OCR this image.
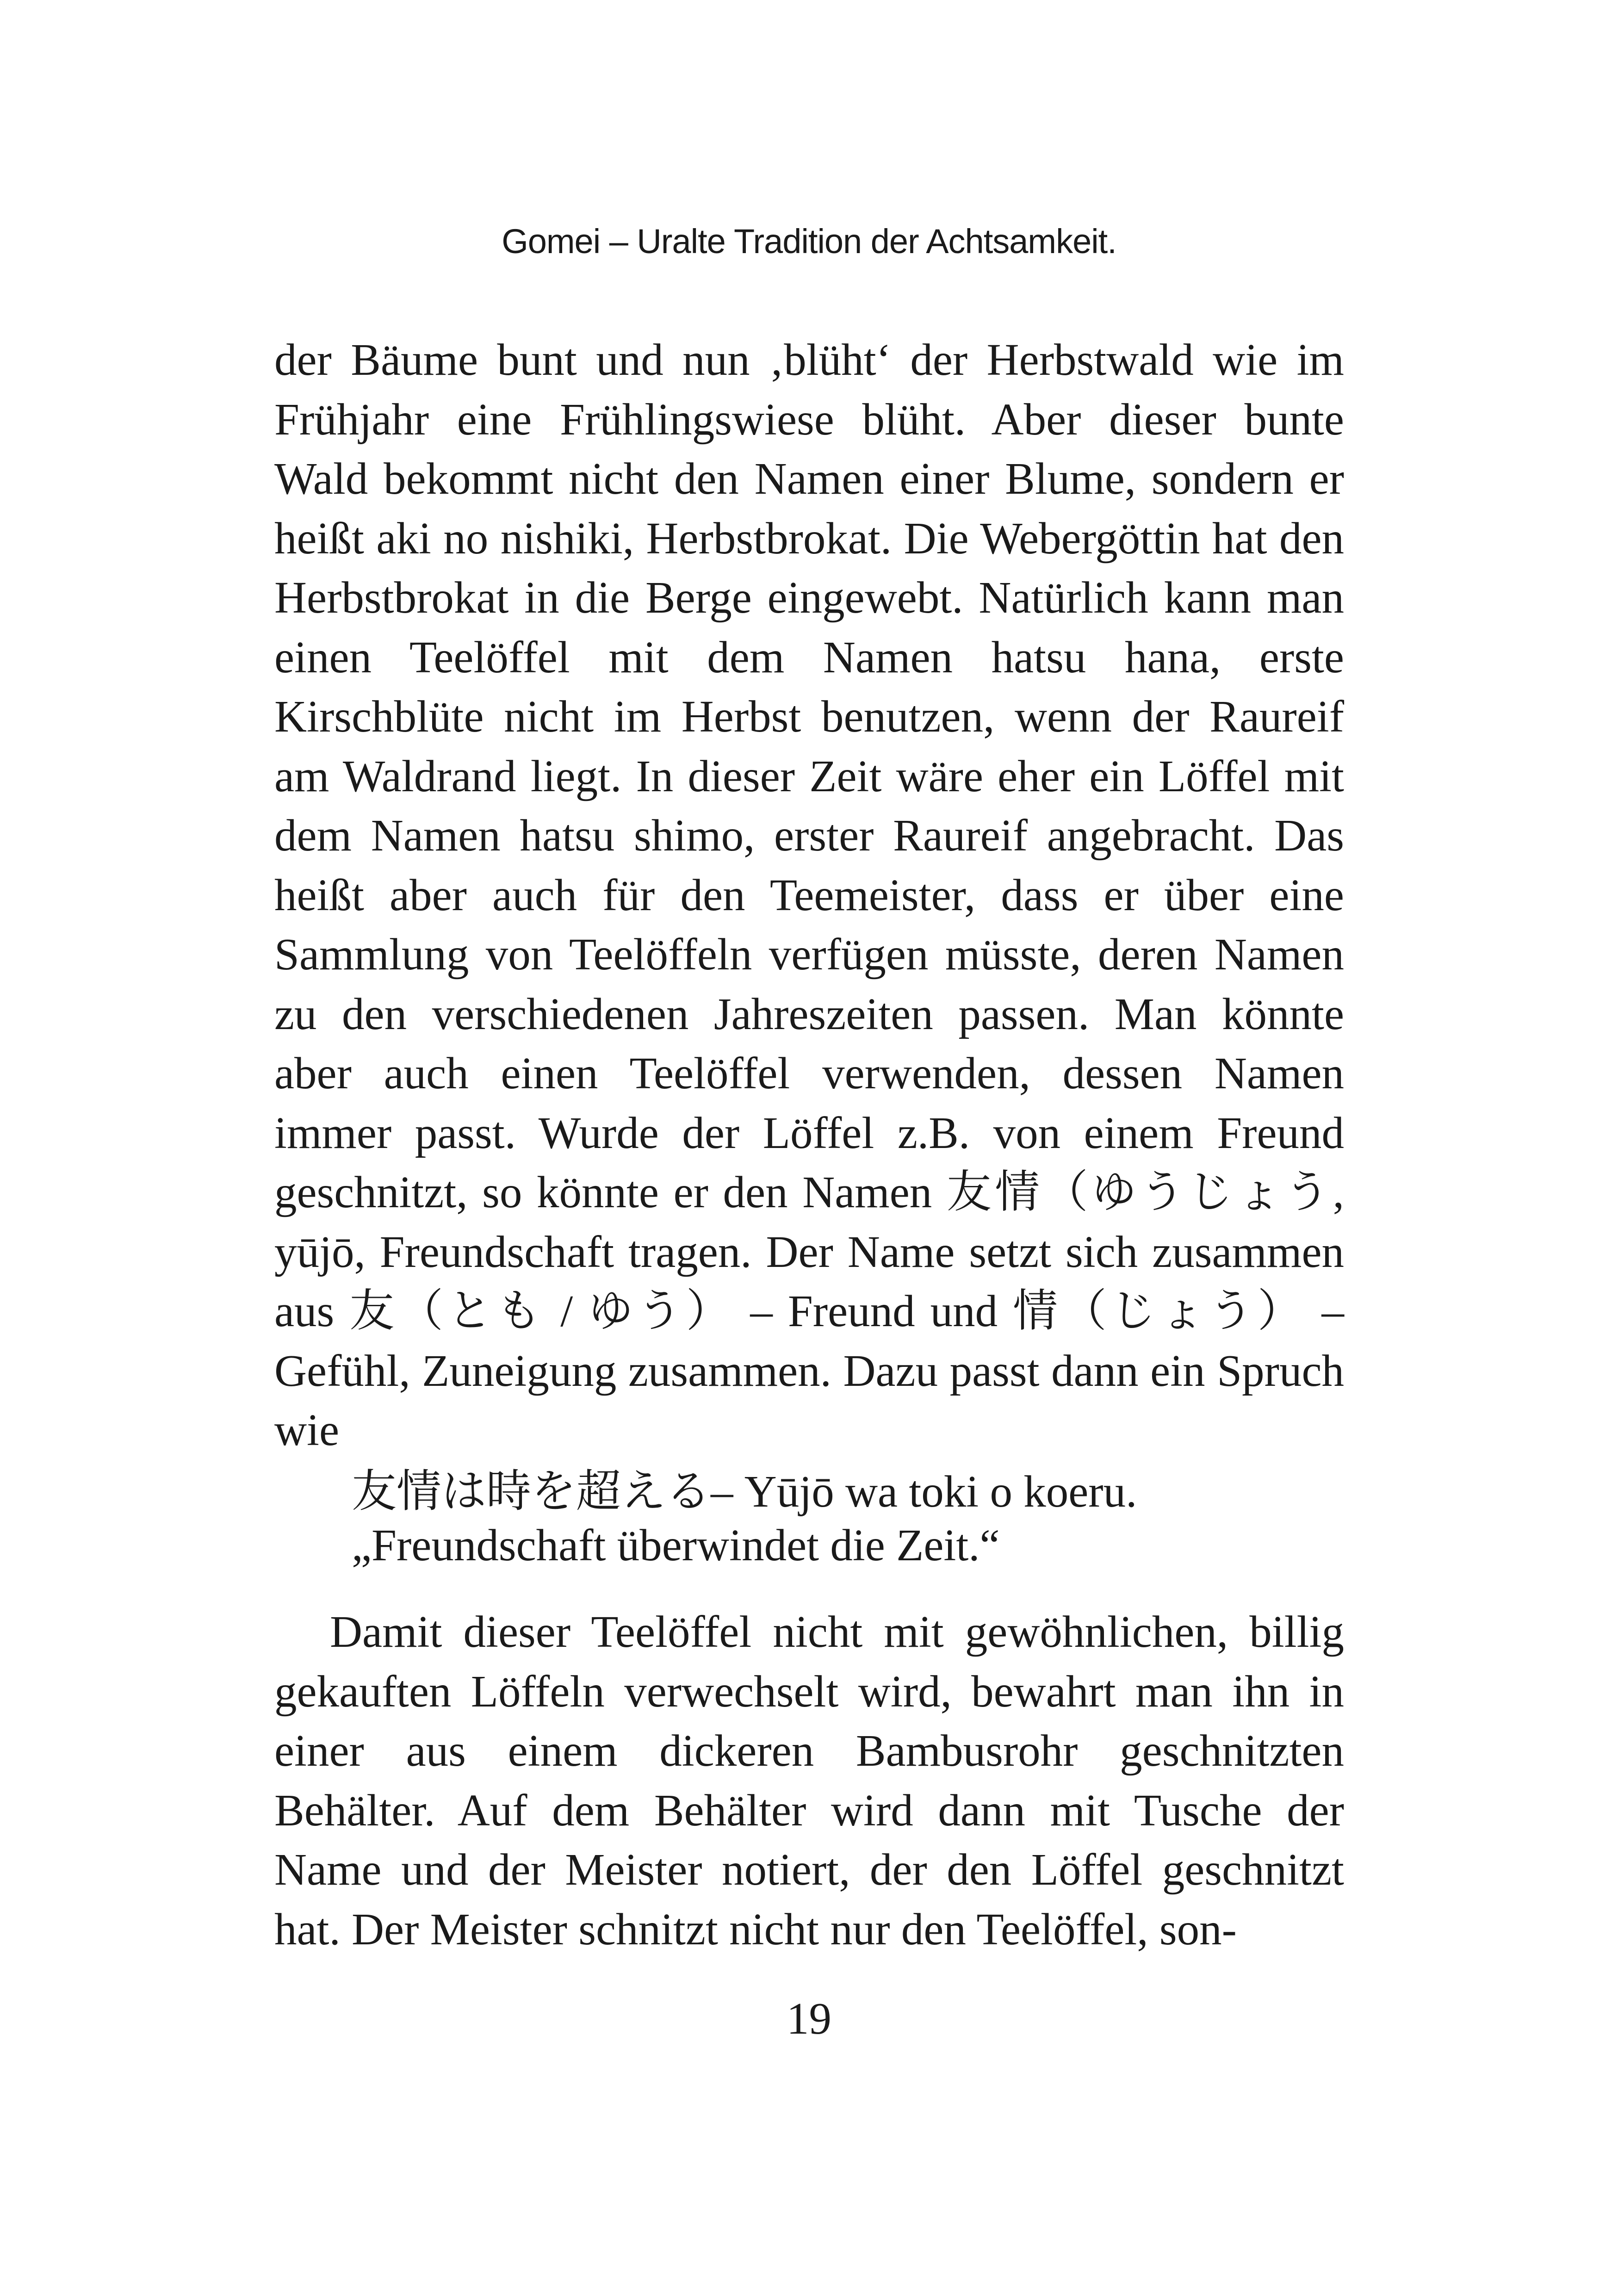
Gomei – Uralte Tradition der Achtsamkeit.

der Bäume bunt und nun ‚blüht‘ der Herbstwald wie im Frühjahr eine Frühlingswiese blüht. Aber dieser bunte Wald bekommt nicht den Namen einer Blume, sondern er heißt aki no nishiki, Herbstbrokat. Die Webergöttin hat den Herbstbrokat in die Berge eingewebt. Natürlich kann man einen Teelöffel mit dem Namen hatsu hana, erste Kirschblüte nicht im Herbst benutzen, wenn der Raureif am Waldrand liegt. In dieser Zeit wäre eher ein Löffel mit dem Namen hatsu shimo, erster Raureif angebracht. Das heißt aber auch für den Teemeister, dass er über eine Sammlung von Teelöffeln verfügen müsste, deren Namen zu den verschiedenen Jahreszeiten passen. Man könnte aber auch einen Teelöffel verwenden, dessen Namen immer passt. Wurde der Löffel z.B. von einem Freund geschnitzt, so könnte er den Namen 友情（ゆうじょう, yūjō, Freundschaft tragen. Der Name setzt sich zusammen aus 友（とも / ゆう） – Freund und 情（じょう） – Gefühl, Zuneigung zusammen. Dazu passt dann ein Spruch wie

友情は時を超える– Yūjō wa toki o koeru.
„Freundschaft überwindet die Zeit.“

Damit dieser Teelöffel nicht mit gewöhnlichen, billig gekauften Löffeln verwechselt wird, bewahrt man ihn in einer aus einem dickeren Bambusrohr geschnitzten Behälter. Auf dem Behälter wird dann mit Tusche der Name und der Meister notiert, der den Löffel geschnitzt hat. Der Meister schnitzt nicht nur den Teelöffel, son-

19
